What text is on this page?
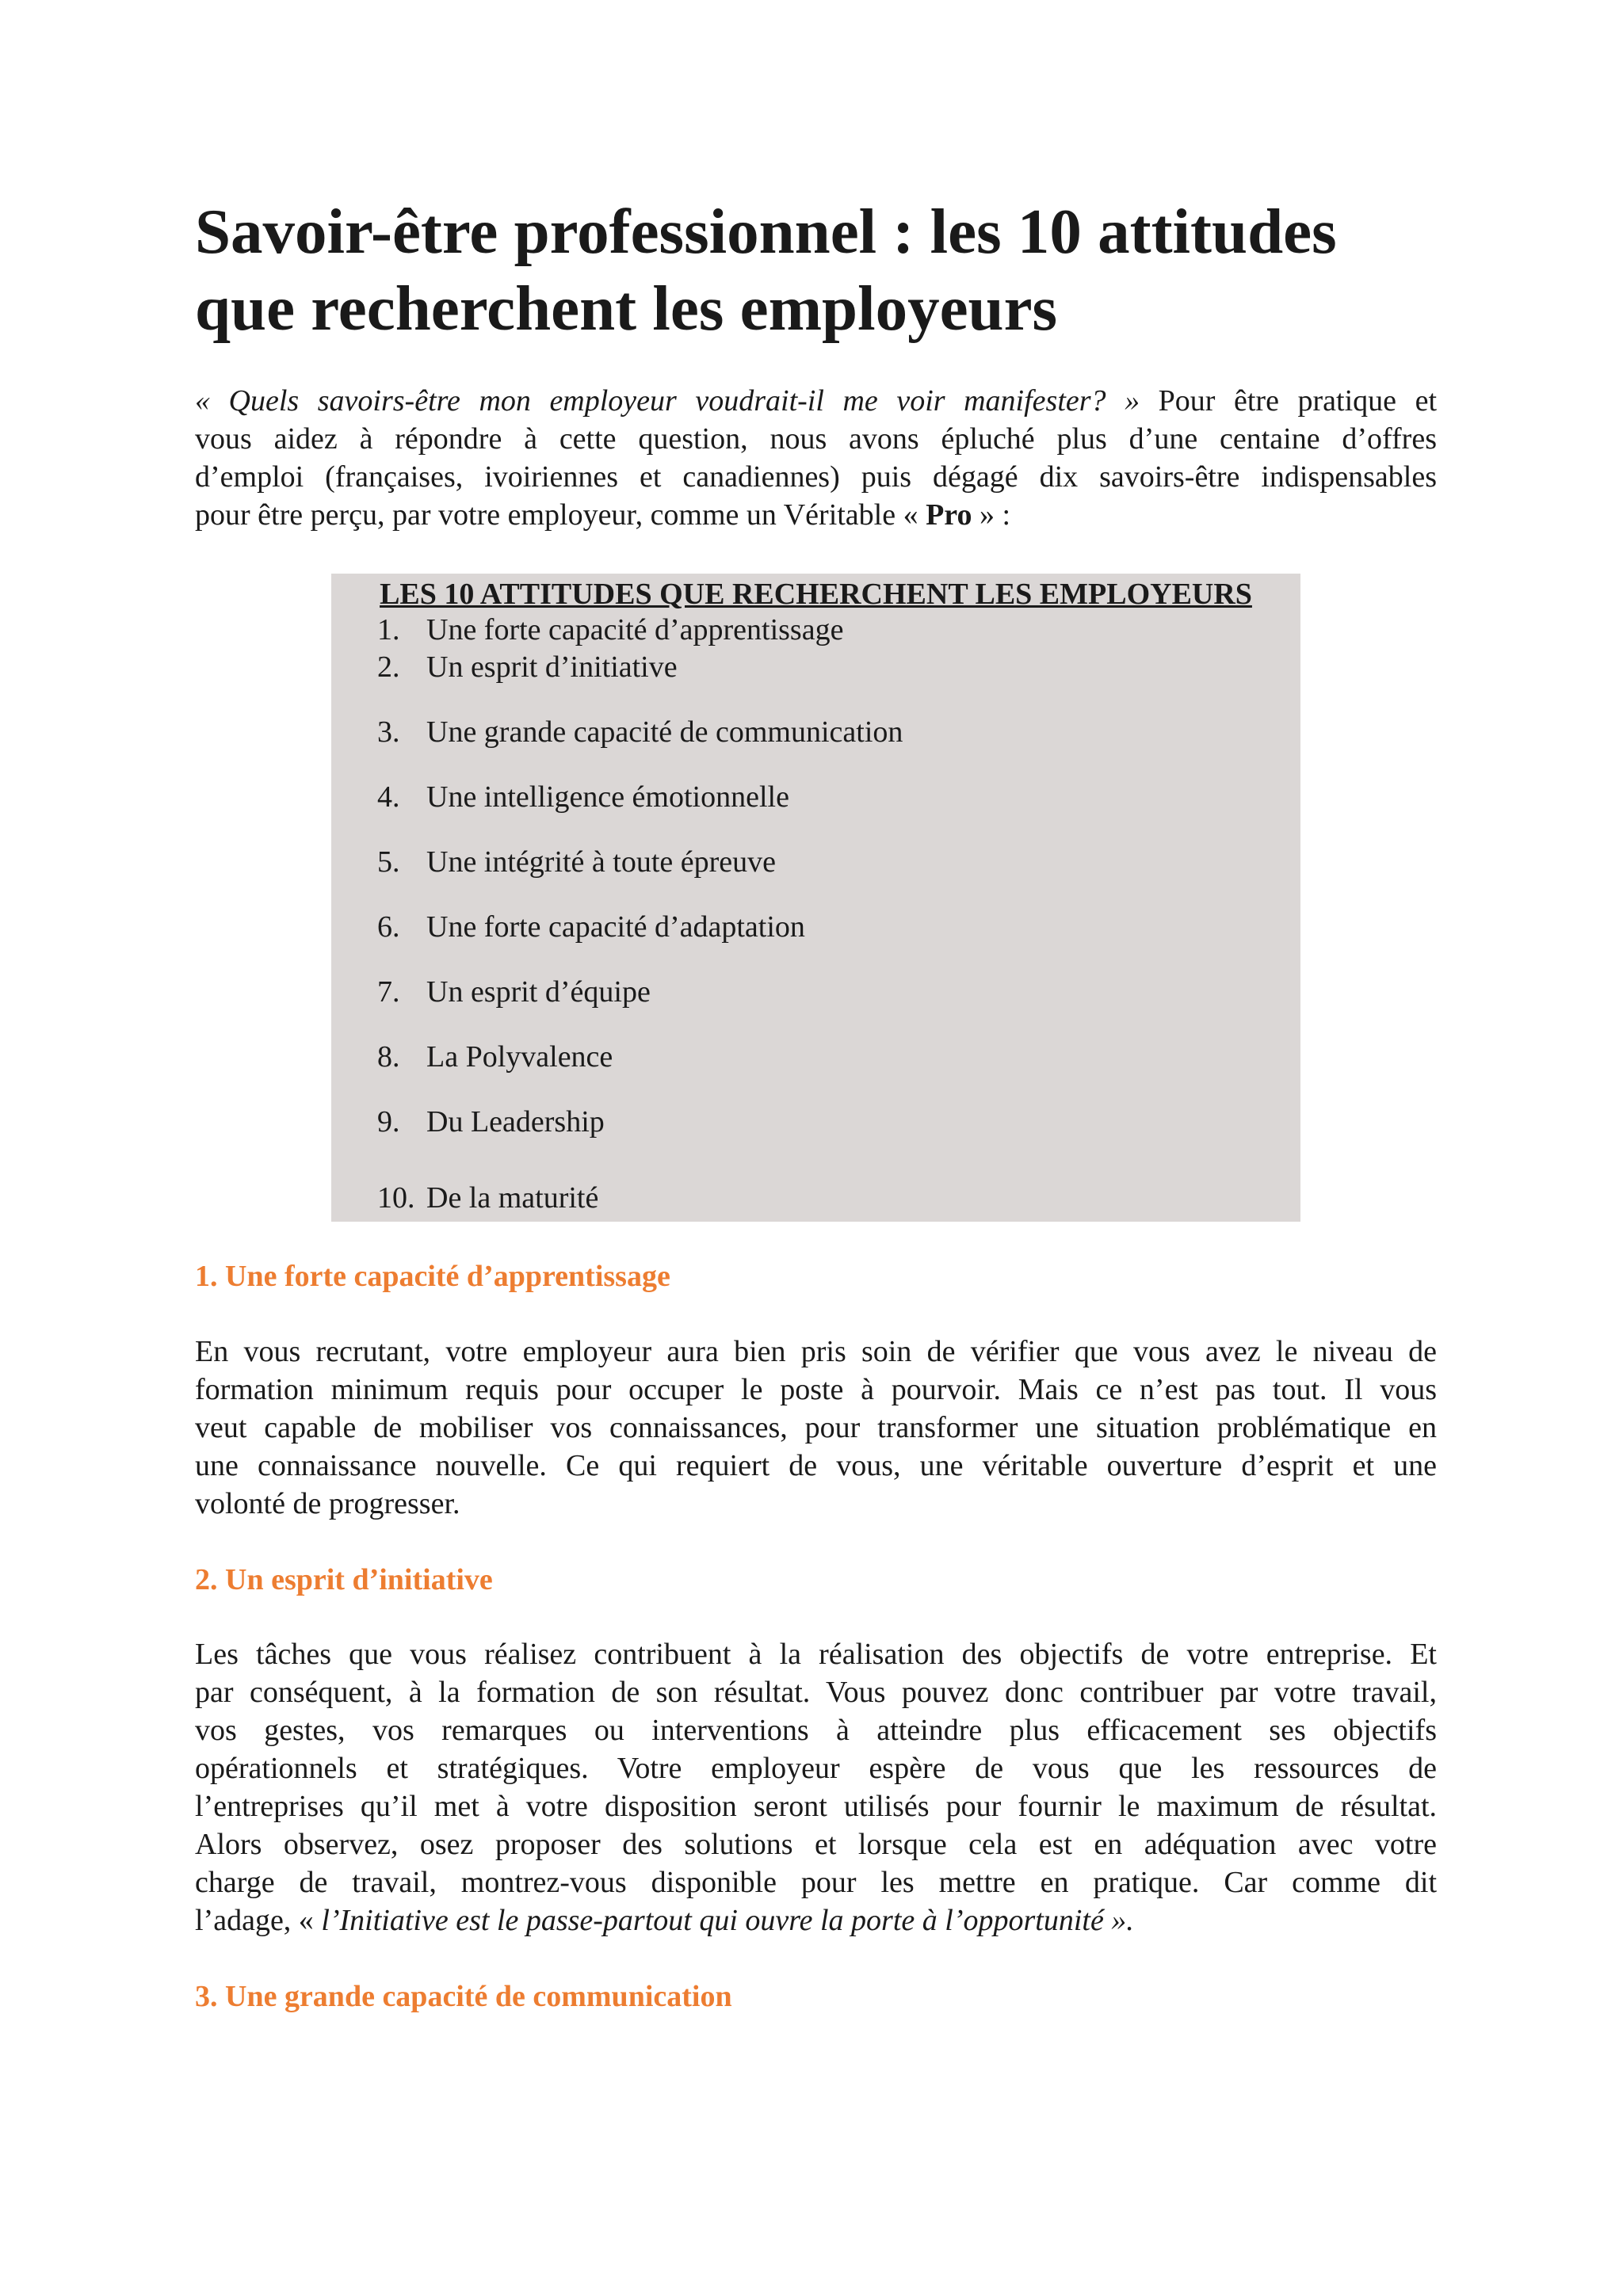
Savoir-être professionnel : les 10 attitudes
que recherchent les employeurs

« Quels savoirs-être mon employeur voudrait-il me voir manifester? » Pour être pratique et

vous aidez à répondre à cette question, nous avons épluché plus d’une centaine d’offres

d’emploi (françaises, ivoiriennes et canadiennes) puis dégagé dix savoirs-être indispensables

pour être perçu, par votre employeur, comme un Véritable « Pro » :

LES 10 ATTITUDES QUE RECHERCHENT LES EMPLOYEURS
1. Une forte capacité d’apprentissage
2. Un esprit d’initiative
3. Une grande capacité de communication
4. Une intelligence émotionnelle
5. Une intégrité à toute épreuve
6. Une forte capacité d’adaptation
7. Un esprit d’équipe
8. La Polyvalence
9. Du Leadership
10. De la maturité
1. Une forte capacité d’apprentissage

En vous recrutant, votre employeur aura bien pris soin de vérifier que vous avez le niveau de

formation minimum requis pour occuper le poste à pourvoir. Mais ce n’est pas tout. Il vous

veut capable de mobiliser vos connaissances, pour transformer une situation problématique en

une connaissance nouvelle. Ce qui requiert de vous, une véritable ouverture d’esprit et une

volonté de progresser.

2. Un esprit d’initiative

Les tâches que vous réalisez contribuent à la réalisation des objectifs de votre entreprise. Et

par conséquent, à la formation de son résultat. Vous pouvez donc contribuer par votre travail,

vos gestes, vos remarques ou interventions à atteindre plus efficacement ses objectifs

opérationnels et stratégiques. Votre employeur espère de vous que les ressources de

l’entreprises qu’il met à votre disposition seront utilisés pour fournir le maximum de résultat.

Alors observez, osez proposer des solutions et lorsque cela est en adéquation avec votre

charge de travail, montrez-vous disponible pour les mettre en pratique. Car comme dit

l’adage, « l’Initiative est le passe-partout qui ouvre la porte à l’opportunité ».

3. Une grande capacité de communication
